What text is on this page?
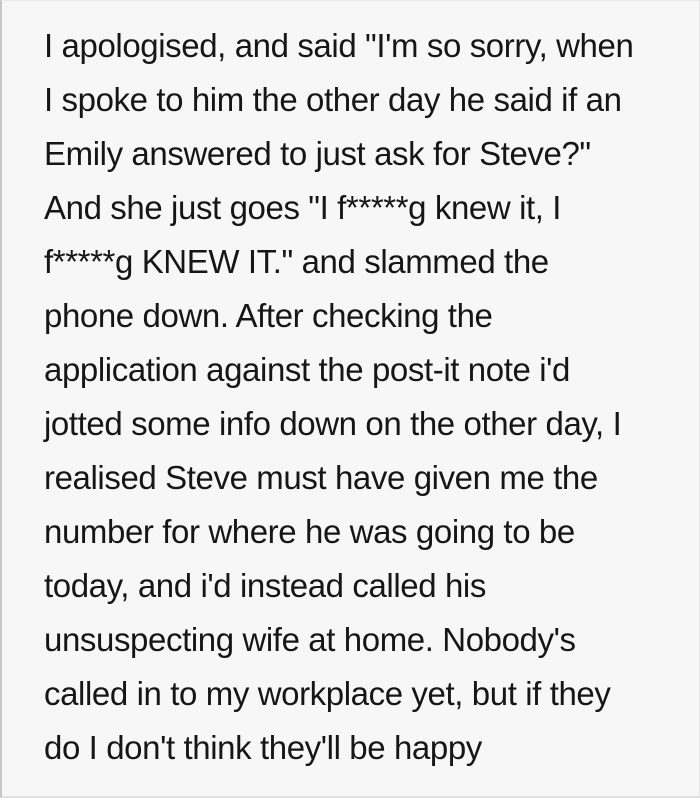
I apologised, and said "I'm so sorry, when
I spoke to him the other day he said if an
Emily answered to just ask for Steve?"
And she just goes "I f*****g knew it, I
f*****g KNEW IT." and slammed the
phone down. After checking the
application against the post-it note i'd
jotted some info down on the other day, I
realised Steve must have given me the
number for where he was going to be
today, and i'd instead called his
unsuspecting wife at home. Nobody's
called in to my workplace yet, but if they
do I don't think they'll be happy
